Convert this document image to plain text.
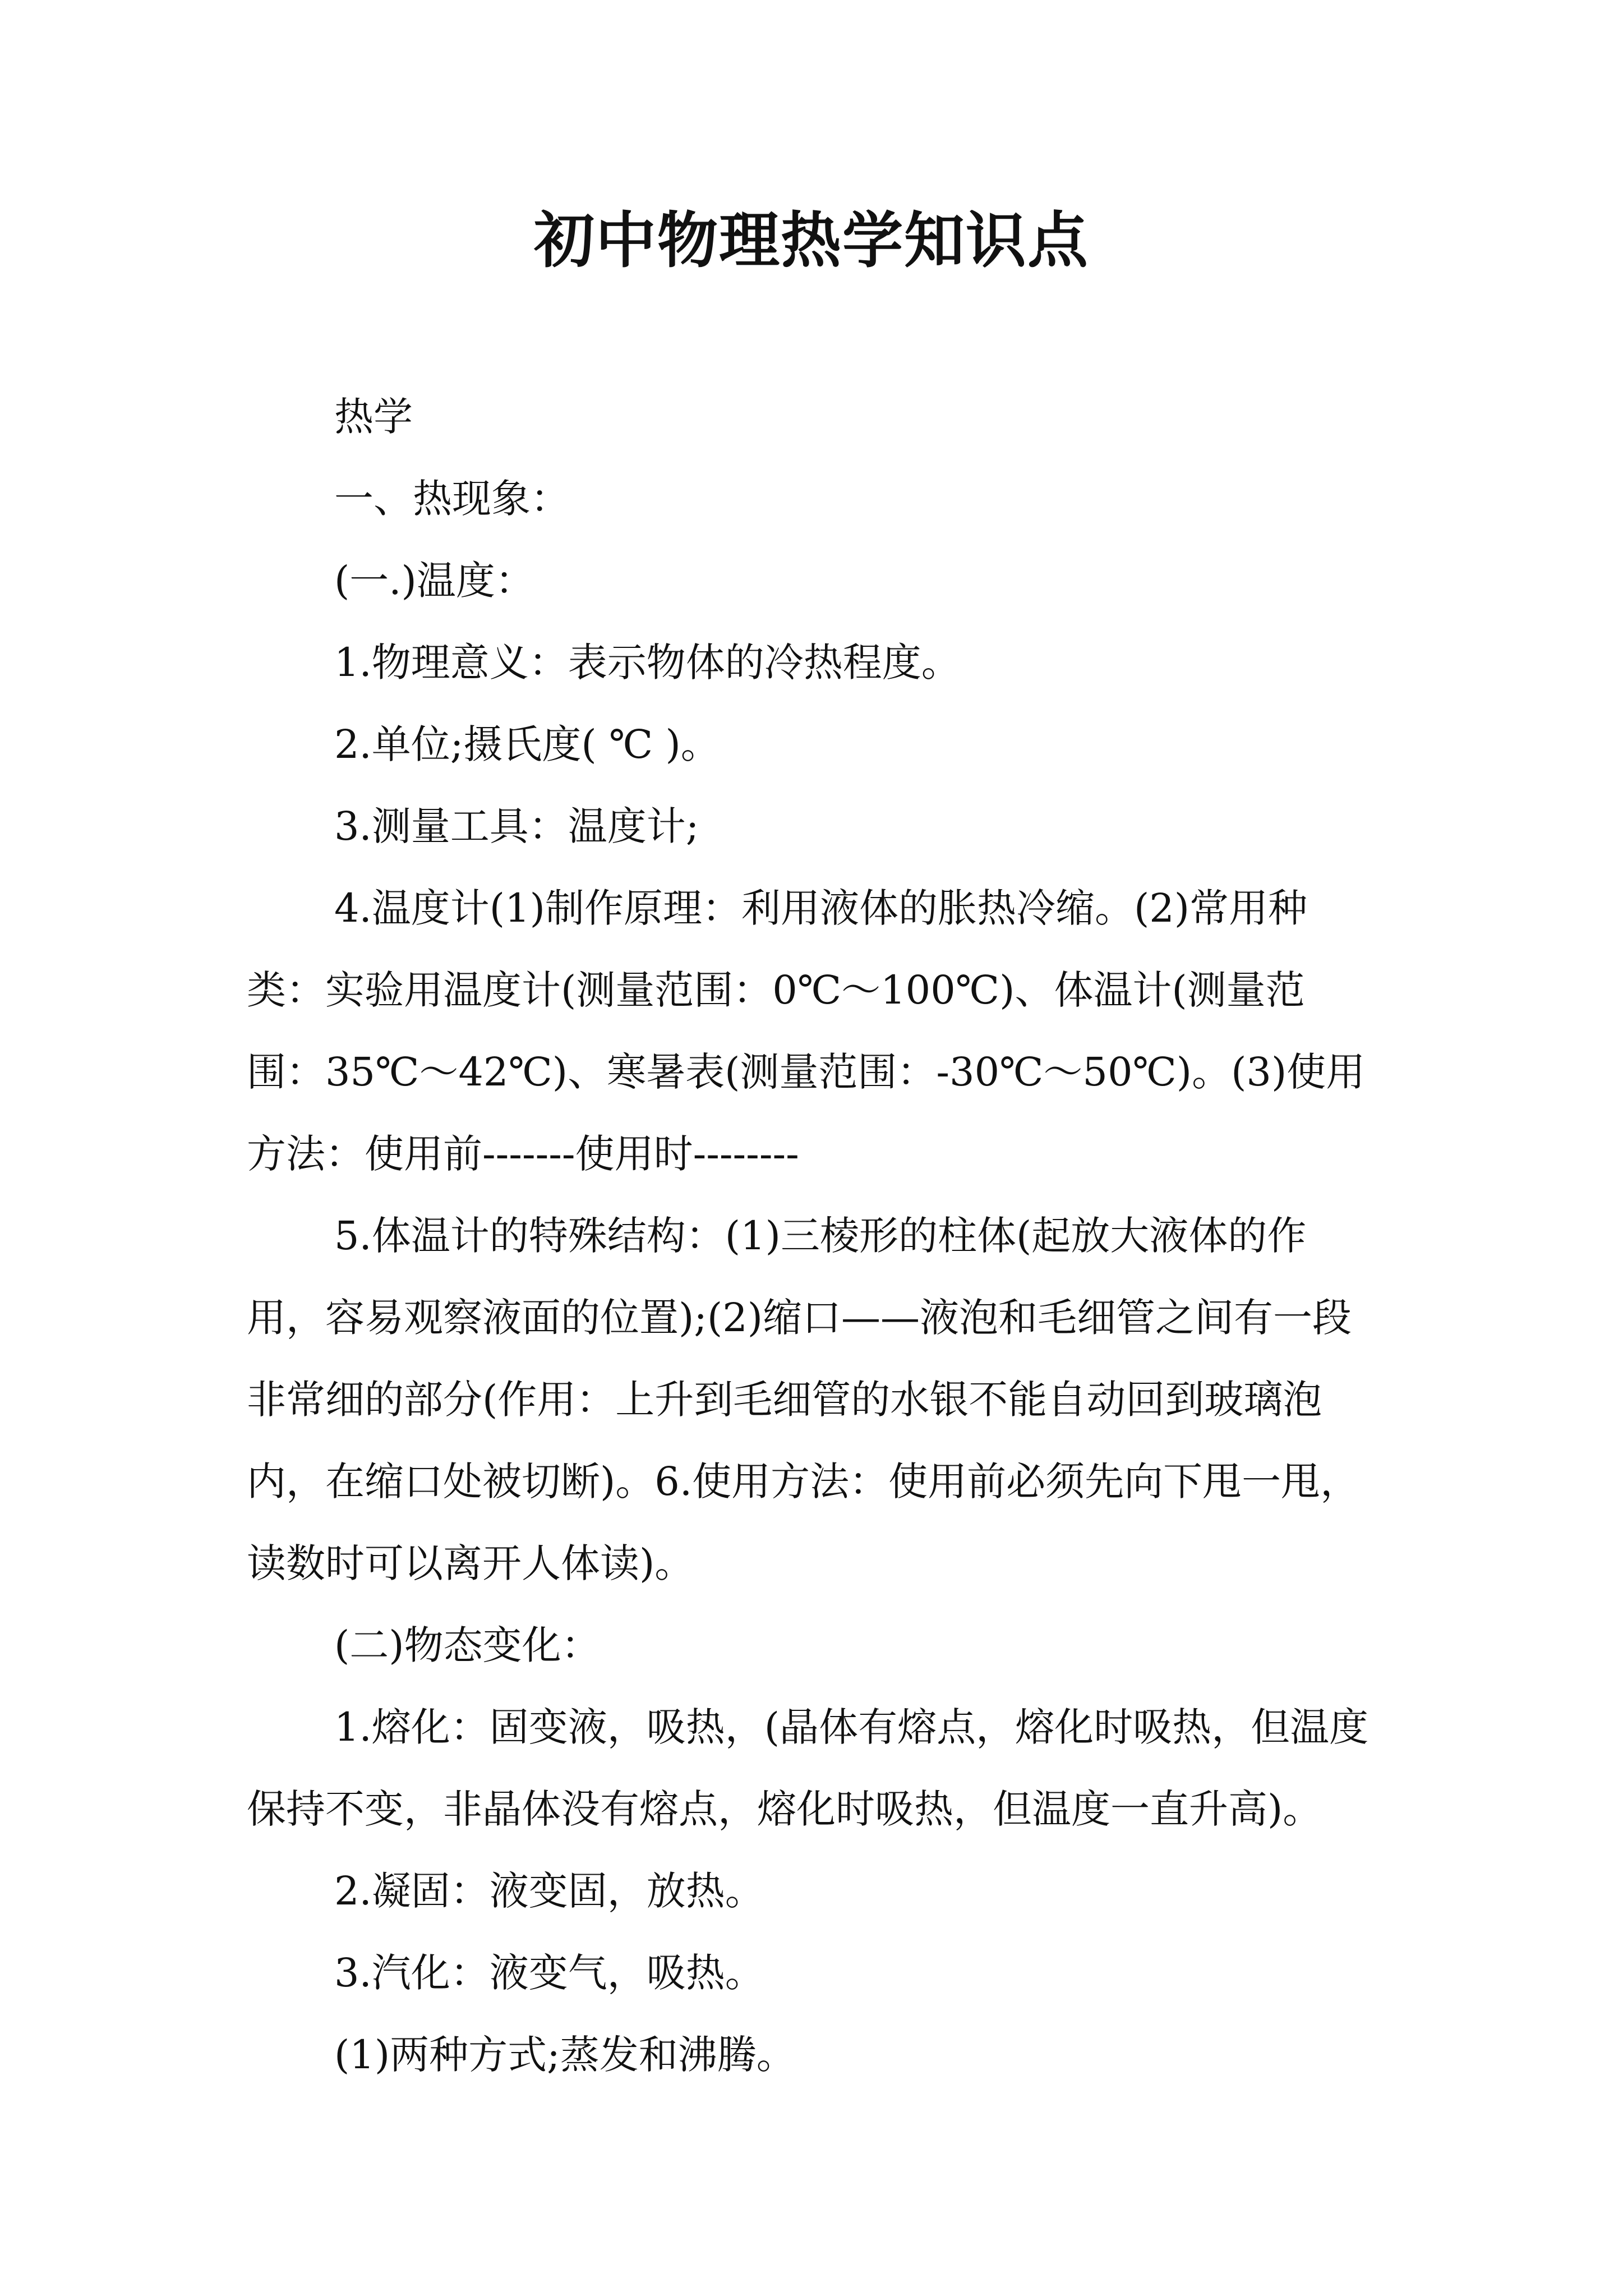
初中物理热学知识点

热学

一、热现象：

(一.)温度：

1.物理意义：表示物体的冷热程度。

2.单位;摄氏度( ℃ )。

3.测量工具：温度计;

4.温度计(1)制作原理：利用液体的胀热冷缩。(2)常用种类：实验用温度计(测量范围：0℃～100℃)、体温计(测量范围：35℃～42℃)、寒暑表(测量范围：-30℃～50℃)。(3)使用方法：使用前-------使用时--------

5.体温计的特殊结构：(1)三棱形的柱体(起放大液体的作用，容易观察液面的位置);(2)缩口——液泡和毛细管之间有一段非常细的部分(作用：上升到毛细管的水银不能自动回到玻璃泡内，在缩口处被切断)。6.使用方法：使用前必须先向下甩一甩，读数时可以离开人体读)。

(二)物态变化：

1.熔化：固变液，吸热，(晶体有熔点，熔化时吸热，但温度保持不变，非晶体没有熔点，熔化时吸热，但温度一直升高)。

2.凝固：液变固，放热。

3.汽化：液变气，吸热。

(1)两种方式;蒸发和沸腾。
